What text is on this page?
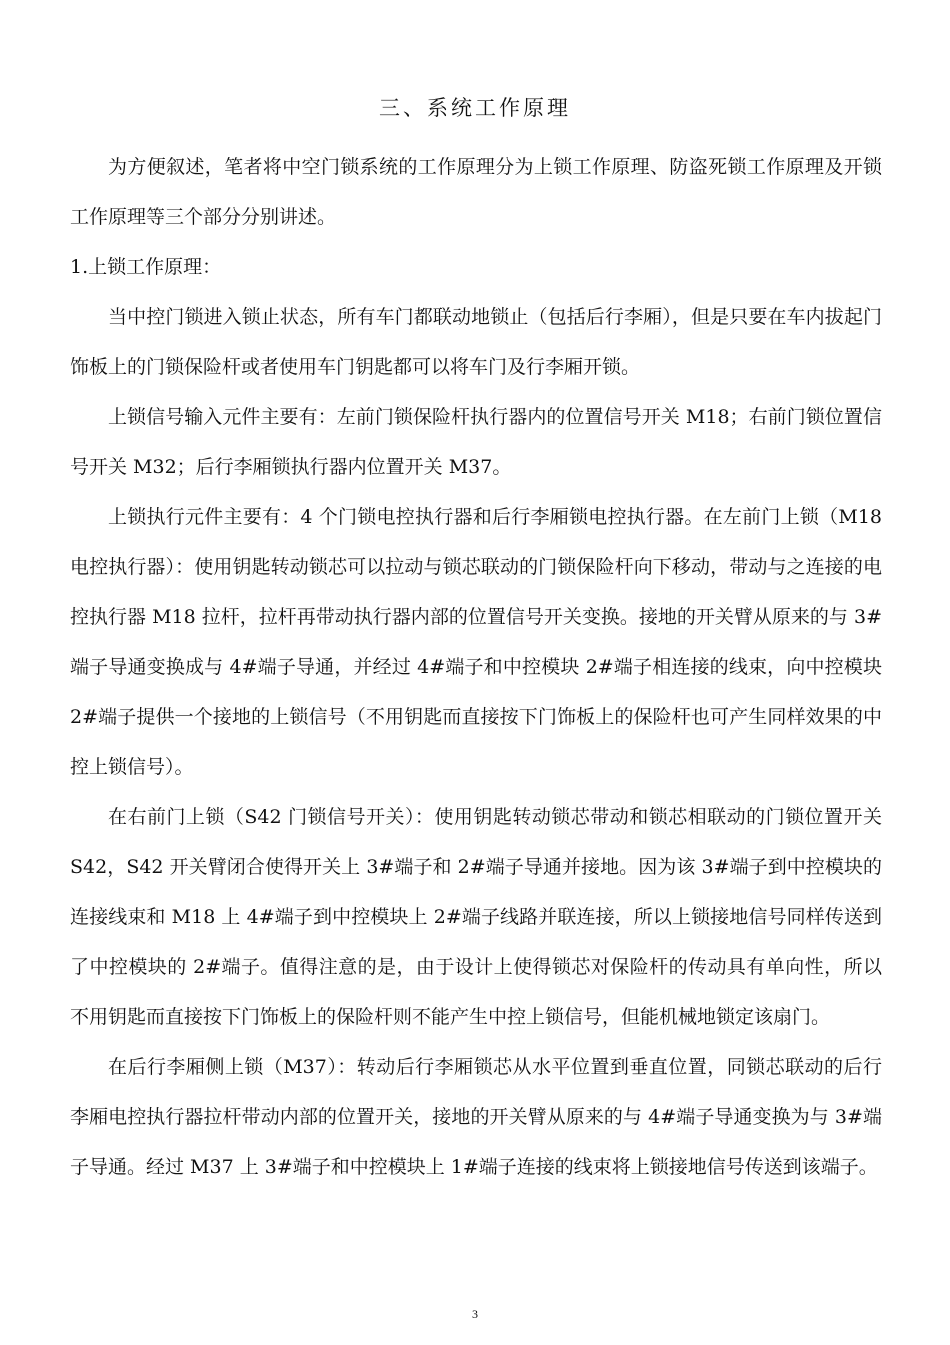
三、系统工作原理

为方便叙述，笔者将中空门锁系统的工作原理分为上锁工作原理、防盗死锁工作原理及开锁工作原理等三个部分分别讲述。

1.上锁工作原理：

当中控门锁进入锁止状态，所有车门都联动地锁止（包括后行李厢），但是只要在车内拔起门饰板上的门锁保险杆或者使用车门钥匙都可以将车门及行李厢开锁。

上锁信号输入元件主要有：左前门锁保险杆执行器内的位置信号开关 M18；右前门锁位置信号开关 M32；后行李厢锁执行器内位置开关 M37。

上锁执行元件主要有：4 个门锁电控执行器和后行李厢锁电控执行器。在左前门上锁（M18 电控执行器）：使用钥匙转动锁芯可以拉动与锁芯联动的门锁保险杆向下移动，带动与之连接的电控执行器 M18 拉杆，拉杆再带动执行器内部的位置信号开关变换。接地的开关臂从原来的与 3#端子导通变换成与 4#端子导通，并经过 4#端子和中控模块 2#端子相连接的线束，向中控模块 2#端子提供一个接地的上锁信号（不用钥匙而直接按下门饰板上的保险杆也可产生同样效果的中控上锁信号）。

在右前门上锁（S42 门锁信号开关）：使用钥匙转动锁芯带动和锁芯相联动的门锁位置开关 S42，S42 开关臂闭合使得开关上 3#端子和 2#端子导通并接地。因为该 3#端子到中控模块的连接线束和 M18 上 4#端子到中控模块上 2#端子线路并联连接，所以上锁接地信号同样传送到了中控模块的 2#端子。值得注意的是，由于设计上使得锁芯对保险杆的传动具有单向性，所以不用钥匙而直接按下门饰板上的保险杆则不能产生中控上锁信号，但能机械地锁定该扇门。

在后行李厢侧上锁（M37）：转动后行李厢锁芯从水平位置到垂直位置，同锁芯联动的后行李厢电控执行器拉杆带动内部的位置开关，接地的开关臂从原来的与 4#端子导通变换为与 3#端子导通。经过 M37 上 3#端子和中控模块上 1#端子连接的线束将上锁接地信号传送到该端子。

3
